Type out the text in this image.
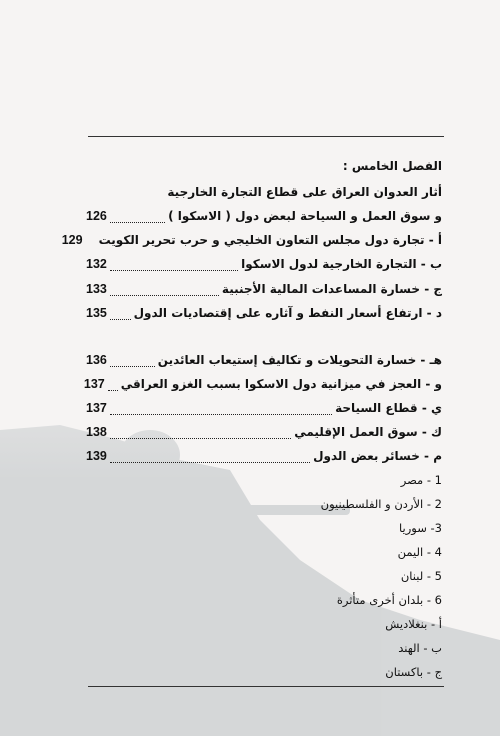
الفصل الخامس :
أثار العدوان العراق على قطاع التجارة الخارجية
و سوق العمل و السياحة لبعض دول ( الاسكوا )
126
أ - تجارة دول مجلس التعاون الخليجي و حرب تحرير الكويت
129
ب - التجارة الخارجية لدول الاسكوا
132
ج - خسارة المساعدات المالية الأجنبية
133
د - ارتفاع أسعار النفط و آثاره على إقتصاديات الدول
135
هـ - خسارة التحويلات و تكاليف إستيعاب العائدين
136
و - العجز في ميزانية دول الاسكوا بسبب الغزو العراقي
137
ي - قطاع السياحة
137
ك - سوق العمل الإقليمي
138
م - خسائر بعض الدول
139
1 - مصر
2 - الأردن و الفلسطينيون
3- سوريا
4 - اليمن
5 - لبنان
6 - بلدان أخرى متأثرة
أ - بنغلاديش
ب - الهند
ج - باكستان
